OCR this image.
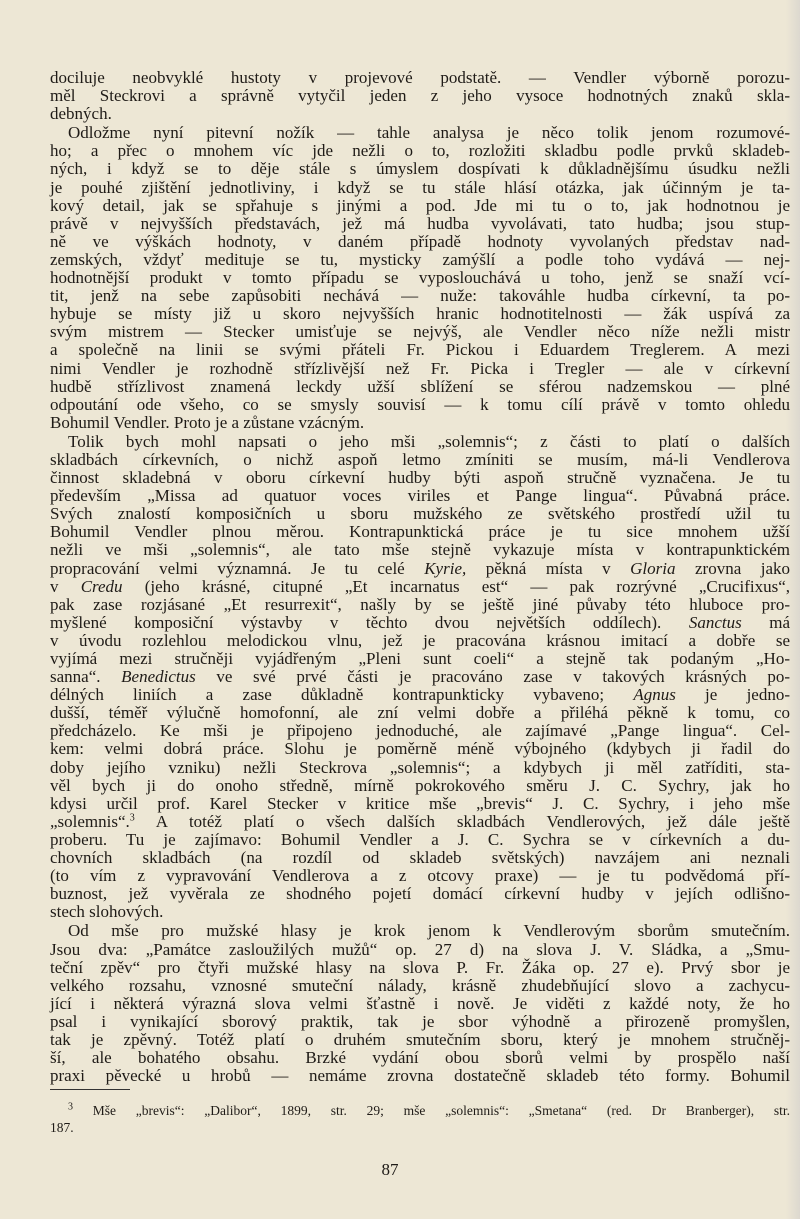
dociluje neobvyklé hustoty v projevové podstatě. — Vendler výborně porozu-
měl Steckrovi a správně vytyčil jeden z jeho vysoce hodnotných znaků skla-
debných.
Odložme nyní pitevní nožík — tahle analysa je něco tolik jenom rozumové-
ho; a přec o mnohem víc jde nežli o to, rozložiti skladbu podle prvků skladeb-
ných, i když se to děje stále s úmyslem dospívati k důkladnějšímu úsudku nežli
je pouhé zjištění jednotliviny, i když se tu stále hlásí otázka, jak účinným je ta-
kový detail, jak se spřahuje s jinými a pod. Jde mi tu o to, jak hodnotnou je
právě v nejvyšších představách, jež má hudba vyvolávati, tato hudba; jsou stup-
ně ve výškách hodnoty, v daném případě hodnoty vyvolaných představ nad-
zemských, vždyť medituje se tu, mysticky zamýšlí a podle toho vydává — nej-
hodnotnější produkt v tomto případu se vyposlouchává u toho, jenž se snaží vcí-
tit, jenž na sebe zapůsobiti nechává — nuže: takováhle hudba církevní, ta po-
hybuje se místy již u skoro nejvyšších hranic hodnotitelnosti — žák uspívá za
svým mistrem — Stecker umisťuje se nejvýš, ale Vendler něco níže nežli mistr
a společně na linii se svými přáteli Fr. Pickou i Eduardem Treglerem. A mezi
nimi Vendler je rozhodně střízlivější než Fr. Picka i Tregler — ale v církevní
hudbě střízlivost znamená leckdy užší sblížení se sférou nadzemskou — plné
odpoutání ode všeho, co se smysly souvisí — k tomu cílí právě v tomto ohledu
Bohumil Vendler. Proto je a zůstane vzácným.
Tolik bych mohl napsati o jeho mši „solemnis“; z části to platí o dalších
skladbách církevních, o nichž aspoň letmo zmíniti se musím, má-li Vendlerova
činnost skladebná v oboru církevní hudby býti aspoň stručně vyznačena. Je tu
především „Missa ad quatuor voces viriles et Pange lingua“. Půvabná práce.
Svých znalostí komposičních u sboru mužského ze světského prostředí užil tu
Bohumil Vendler plnou měrou. Kontrapunktická práce je tu sice mnohem užší
nežli ve mši „solemnis“, ale tato mše stejně vykazuje místa v kontrapunktickém
propracování velmi významná. Je tu celé Kyrie, pěkná místa v Gloria zrovna jako
v Credu (jeho krásné, citupné „Et incarnatus est“ — pak rozrývné „Crucifixus“,
pak zase rozjásané „Et resurrexit“, našly by se ještě jiné půvaby této hluboce pro-
myšlené komposiční výstavby v těchto dvou největších oddílech). Sanctus má
v úvodu rozlehlou melodickou vlnu, jež je pracována krásnou imitací a dobře se
vyjímá mezi stručněji vyjádřeným „Pleni sunt coeli“ a stejně tak podaným „Ho-
sanna“. Benedictus ve své prvé části je pracováno zase v takových krásných po-
délných liniích a zase důkladně kontrapunkticky vybaveno; Agnus je jedno-
dušší, téměř výlučně homofonní, ale zní velmi dobře a přiléhá pěkně k tomu, co
předcházelo. Ke mši je připojeno jednoduché, ale zajímavé „Pange lingua“. Cel-
kem: velmi dobrá práce. Slohu je poměrně méně výbojného (kdybych ji řadil do
doby jejího vzniku) nežli Steckrova „solemnis“; a kdybych ji měl zatříditi, sta-
věl bych ji do onoho středně, mírně pokrokového směru J. C. Sychry, jak ho
kdysi určil prof. Karel Stecker v kritice mše „brevis“ J. C. Sychry, i jeho mše
„solemnis“.$^3$ A totéž platí o všech dalších skladbách Vendlerových, jež dále ještě
proberu. Tu je zajímavo: Bohumil Vendler a J. C. Sychra se v církevních a du-
chovních skladbách (na rozdíl od skladeb světských) navzájem ani neznali
(to vím z vypravování Vendlerova a z otcovy praxe) — je tu podvědomá pří-
buznost, jež vyvěrala ze shodného pojetí domácí církevní hudby v jejích odlišno-
stech slohových.
Od mše pro mužské hlasy je krok jenom k Vendlerovým sborům smutečním.
Jsou dva: „Památce zasloužilých mužů“ op. 27 d) na slova J. V. Sládka, a „Smu-
teční zpěv“ pro čtyři mužské hlasy na slova P. Fr. Žáka op. 27 e). Prvý sbor je
velkého rozsahu, vznosné smuteční nálady, krásně zhudebňující slovo a zachycu-
jící i některá výrazná slova velmi šťastně i nově. Je viděti z každé noty, že ho
psal i vynikající sborový praktik, tak je sbor výhodně a přirozeně promyšlen,
tak je zpěvný. Totéž platí o druhém smutečním sboru, který je mnohem stručněj-
ší, ale bohatého obsahu. Brzké vydání obou sborů velmi by prospělo naší
praxi pěvecké u hrobů — nemáme zrovna dostatečně skladeb této formy. Bohumil
$^3$ Mše „brevis“: „Dalibor“, 1899, str. 29; mše „solemnis“: „Smetana“ (red. Dr Branberger), str.
187.
87
